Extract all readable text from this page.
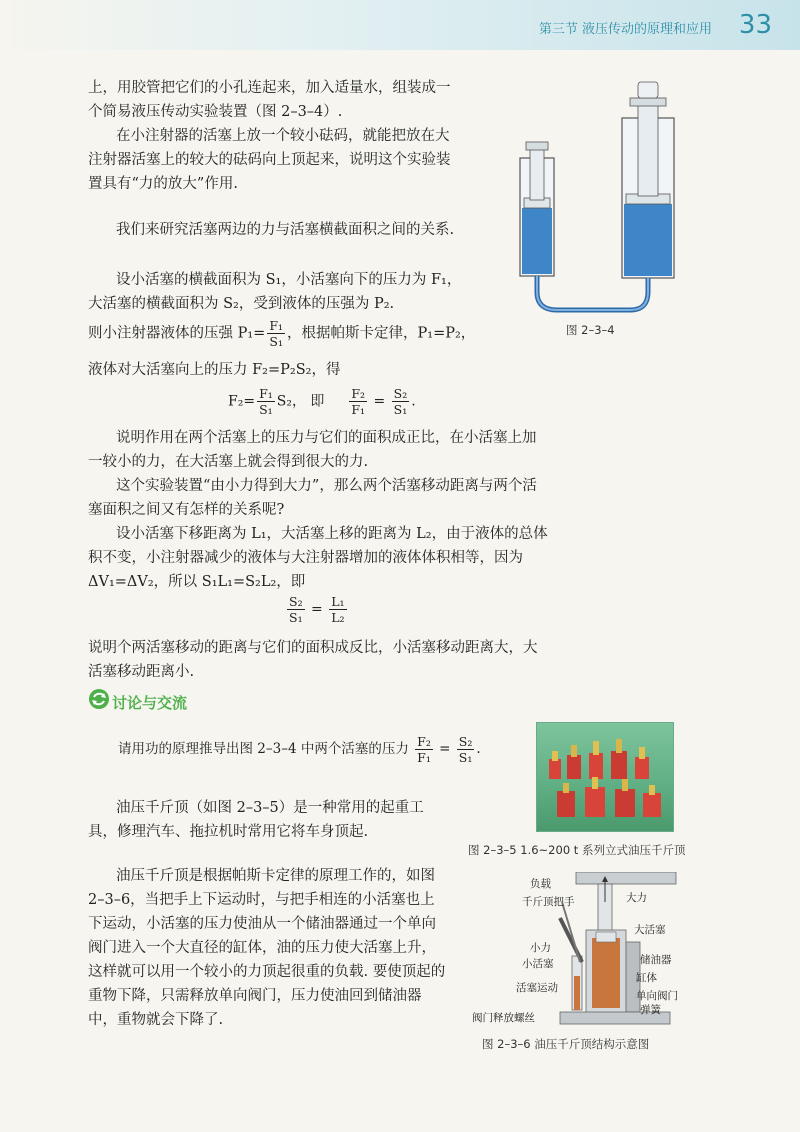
第三节 液压传动的原理和应用 33

上，用胶管把它们的小孔连起来，加入适量水，组装成一个简易液压传动实验装置（图 2–3–4）.

在小注射器的活塞上放一个较小砝码，就能把放在大注射器活塞上的较大的砝码向上顶起来，说明这个实验装置具有“力的放大”作用.

我们来研究活塞两边的力与活塞横截面积之间的关系.

设小活塞的横截面积为 S₁，小活塞向下的压力为 F₁，大活塞的横截面积为 S₂，受到液体的压强为 P₂.

则小注射器液体的压强 $P_1= \frac{\text{F₁}}{\text{S₁}}$ ，根据帕斯卡定律，P₁=P₂，

液体对大活塞向上的压力 F₂=P₂S₂，得

$F_2= \frac{\text{F₁}}{\text{S₁}} S_2$， 即 $\frac{\text{F₂}}{\text{F₁}} = \frac{\text{S₂}}{\text{S₁}}$ .

说明作用在两个活塞上的压力与它们的面积成正比，在小活塞上加一较小的力，在大活塞上就会得到很大的力.

这个实验装置“由小力得到大力”，那么两个活塞移动距离与两个活塞面积之间又有怎样的关系呢?

设小活塞下移距离为 L₁，大活塞上移的距离为 L₂，由于液体的总体积不变，小注射器减少的液体与大注射器增加的液体体积相等，因为 ΔV₁=ΔV₂，所以 S₁L₁=S₂L₂，即

$\frac{\text{S₂}}{\text{S₁}} = \frac{\text{L₁}}{\text{L₂}}$

说明个两活塞移动的距离与它们的面积成反比，小活塞移动距离大，大活塞移动距离小.

讨论与交流
请用功的原理推导出图 2–3–4 中两个活塞的压力 $\frac{\text{F₂}}{\text{F₁}} = \frac{\text{S₂}}{\text{S₁}}$ .

油压千斤顶（如图 2–3–5）是一种常用的起重工具，修理汽车、拖拉机时常用它将车身顶起.

油压千斤顶是根据帕斯卡定律的原理工作的，如图 2–3–6，当把手上下运动时，与把手相连的小活塞也上下运动，小活塞的压力使油从一个储油器通过一个单向阀门进入一个大直径的缸体，油的压力使大活塞上升，这样就可以用一个较小的力顶起很重的负载. 要使顶起的重物下降，只需释放单向阀门，压力使油回到储油器中，重物就会下降了.

图 2–3–4
图 2–3–5 1.6~200 t 系列立式油压千斤顶
负载
千斤顶把手	大力
大活塞
小力
小活塞	储油器
缸体
活塞运动
单向阀门
弹簧
阀门释放螺丝
图 2–3–6 油压千斤顶结构示意图
